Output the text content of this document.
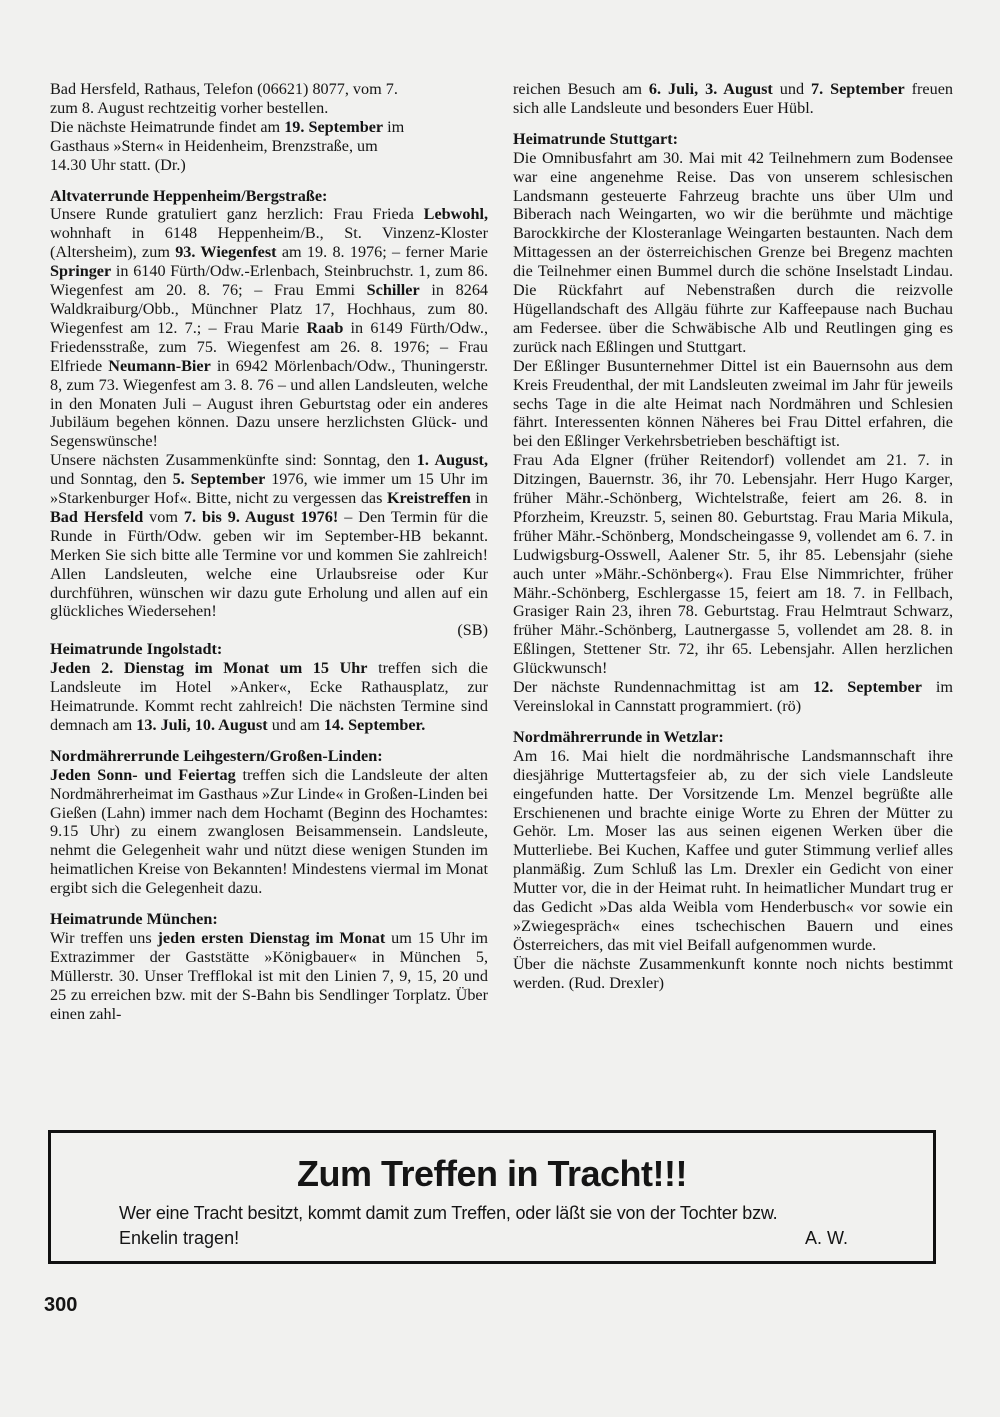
Bad Hersfeld, Rathaus, Telefon (06621) 8077, vom 7.

zum 8. August rechtzeitig vorher bestellen.

Die nächste Heimatrunde findet am 19. September im

Gasthaus »Stern« in Heidenheim, Brenzstraße, um

14.30 Uhr statt. (Dr.)

Altvaterrunde Heppenheim/Bergstraße:

Unsere Runde gratuliert ganz herzlich: Frau Frieda Lebwohl, wohnhaft in 6148 Heppenheim/B., St. Vinzenz-Kloster (Altersheim), zum 93. Wiegenfest am 19. 8. 1976; – ferner Marie Springer in 6140 Fürth/Odw.-Erlenbach, Steinbruchstr. 1, zum 86. Wiegenfest am 20. 8. 76; – Frau Emmi Schiller in 8264 Waldkraiburg/Obb., Münchner Platz 17, Hochhaus, zum 80. Wiegenfest am 12. 7.; – Frau Marie Raab in 6149 Fürth/Odw., Friedensstraße, zum 75. Wiegenfest am 26. 8. 1976; – Frau Elfriede Neumann-Bier in 6942 Mörlenbach/Odw., Thuningerstr. 8, zum 73. Wiegenfest am 3. 8. 76 – und allen Landsleuten, welche in den Monaten Juli – August ihren Geburtstag oder ein anderes Jubiläum begehen können. Dazu unsere herzlichsten Glück- und Segenswünsche!

Unsere nächsten Zusammenkünfte sind: Sonntag, den 1. August, und Sonntag, den 5. September 1976, wie immer um 15 Uhr im »Starkenburger Hof«. Bitte, nicht zu vergessen das Kreistreffen in Bad Hersfeld vom 7. bis 9. August 1976! – Den Termin für die Runde in Fürth/Odw. geben wir im September-HB bekannt. Merken Sie sich bitte alle Termine vor und kommen Sie zahlreich! Allen Landsleuten, welche eine Urlaubsreise oder Kur durchführen, wünschen wir dazu gute Erholung und allen auf ein glückliches Wiedersehen!

(SB)

Heimatrunde Ingolstadt:

Jeden 2. Dienstag im Monat um 15 Uhr treffen sich die Landsleute im Hotel »Anker«, Ecke Rathausplatz, zur Heimatrunde. Kommt recht zahlreich! Die nächsten Termine sind demnach am 13. Juli, 10. August und am 14. September.

Nordmährerrunde Leihgestern/Großen-Linden:

Jeden Sonn- und Feiertag treffen sich die Landsleute der alten Nordmährerheimat im Gasthaus »Zur Linde« in Großen-Linden bei Gießen (Lahn) immer nach dem Hochamt (Beginn des Hochamtes: 9.15 Uhr) zu einem zwanglosen Beisammensein. Landsleute, nehmt die Gelegenheit wahr und nützt diese wenigen Stunden im heimatlichen Kreise von Bekannten! Mindestens viermal im Monat ergibt sich die Gelegenheit dazu.

Heimatrunde München:

Wir treffen uns jeden ersten Dienstag im Monat um 15 Uhr im Extrazimmer der Gaststätte »Königbauer« in München 5, Müllerstr. 30. Unser Trefflokal ist mit den Linien 7, 9, 15, 20 und 25 zu erreichen bzw. mit der S-Bahn bis Sendlinger Torplatz. Über einen zahl-

reichen Besuch am 6. Juli, 3. August und 7. September freuen sich alle Landsleute und besonders Euer Hübl.

Heimatrunde Stuttgart:

Die Omnibusfahrt am 30. Mai mit 42 Teilnehmern zum Bodensee war eine angenehme Reise. Das von unserem schlesischen Landsmann gesteuerte Fahrzeug brachte uns über Ulm und Biberach nach Weingarten, wo wir die berühmte und mächtige Barockkirche der Klosteranlage Weingarten bestaunten. Nach dem Mittagessen an der österreichischen Grenze bei Bregenz machten die Teilnehmer einen Bummel durch die schöne Inselstadt Lindau. Die Rückfahrt auf Nebenstraßen durch die reizvolle Hügellandschaft des Allgäu führte zur Kaffeepause nach Buchau am Federsee. über die Schwäbische Alb und Reutlingen ging es zurück nach Eßlingen und Stuttgart.

Der Eßlinger Busunternehmer Dittel ist ein Bauernsohn aus dem Kreis Freudenthal, der mit Landsleuten zweimal im Jahr für jeweils sechs Tage in die alte Heimat nach Nordmähren und Schlesien fährt. Interessenten können Näheres bei Frau Dittel erfahren, die bei den Eßlinger Verkehrsbetrieben beschäftigt ist.

Frau Ada Elgner (früher Reitendorf) vollendet am 21. 7. in Ditzingen, Bauernstr. 36, ihr 70. Lebensjahr. Herr Hugo Karger, früher Mähr.-Schönberg, Wichtelstraße, feiert am 26. 8. in Pforzheim, Kreuzstr. 5, seinen 80. Geburtstag. Frau Maria Mikula, früher Mähr.-Schönberg, Mondscheingasse 9, vollendet am 6. 7. in Ludwigsburg-Osswell, Aalener Str. 5, ihr 85. Lebensjahr (siehe auch unter »Mähr.-Schönberg«). Frau Else Nimmrichter, früher Mähr.-Schönberg, Eschlergasse 15, feiert am 18. 7. in Fellbach, Grasiger Rain 23, ihren 78. Geburtstag. Frau Helmtraut Schwarz, früher Mähr.-Schönberg, Lautnergasse 5, vollendet am 28. 8. in Eßlingen, Stettener Str. 72, ihr 65. Lebensjahr. Allen herzlichen Glückwunsch!

Der nächste Rundennachmittag ist am 12. September im Vereinslokal in Cannstatt programmiert. (rö)

Nordmährerrunde in Wetzlar:

Am 16. Mai hielt die nordmährische Landsmannschaft ihre diesjährige Muttertagsfeier ab, zu der sich viele Landsleute eingefunden hatte. Der Vorsitzende Lm. Menzel begrüßte alle Erschienenen und brachte einige Worte zu Ehren der Mütter zu Gehör. Lm. Moser las aus seinen eigenen Werken über die Mutterliebe. Bei Kuchen, Kaffee und guter Stimmung verlief alles planmäßig. Zum Schluß las Lm. Drexler ein Gedicht von einer Mutter vor, die in der Heimat ruht. In heimatlicher Mundart trug er das Gedicht »Das alda Weibla vom Henderbusch« vor sowie ein »Zwiegespräch« eines tschechischen Bauern und eines Österreichers, das mit viel Beifall aufgenommen wurde.

Über die nächste Zusammenkunft konnte noch nichts bestimmt werden. (Rud. Drexler)

Zum Treffen in Tracht!!!
Wer eine Tracht besitzt, kommt damit zum Treffen, oder läßt sie von der Tochter bzw.
Enkelin tragen!	A. W.
300
